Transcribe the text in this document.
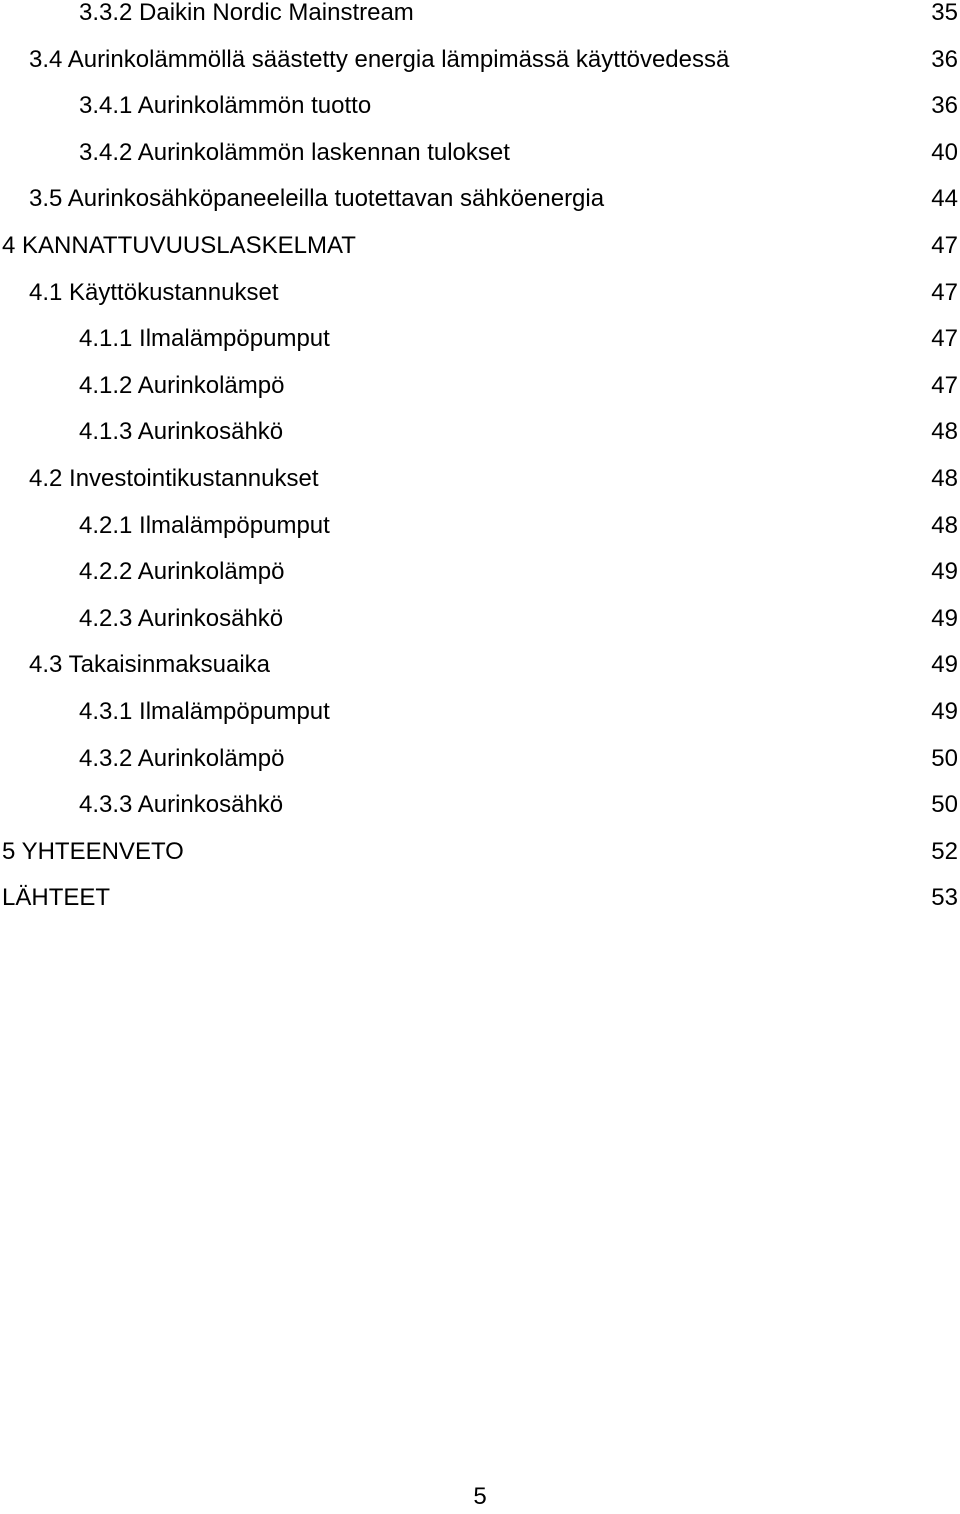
3.3.2 Daikin Nordic Mainstream	35
3.4 Aurinkolämmöllä säästetty energia lämpimässä käyttövedessä	36
3.4.1 Aurinkolämmön tuotto	36
3.4.2 Aurinkolämmön laskennan tulokset	40
3.5 Aurinkosähköpaneeleilla tuotettavan sähköenergia	44
4 KANNATTUVUUSLASKELMAT	47
4.1 Käyttökustannukset	47
4.1.1 Ilmalämpöpumput	47
4.1.2 Aurinkolämpö	47
4.1.3 Aurinkosähkö	48
4.2 Investointikustannukset	48
4.2.1 Ilmalämpöpumput	48
4.2.2 Aurinkolämpö	49
4.2.3 Aurinkosähkö	49
4.3 Takaisinmaksuaika	49
4.3.1 Ilmalämpöpumput	49
4.3.2 Aurinkolämpö	50
4.3.3 Aurinkosähkö	50
5 YHTEENVETO	52
LÄHTEET	53
5
